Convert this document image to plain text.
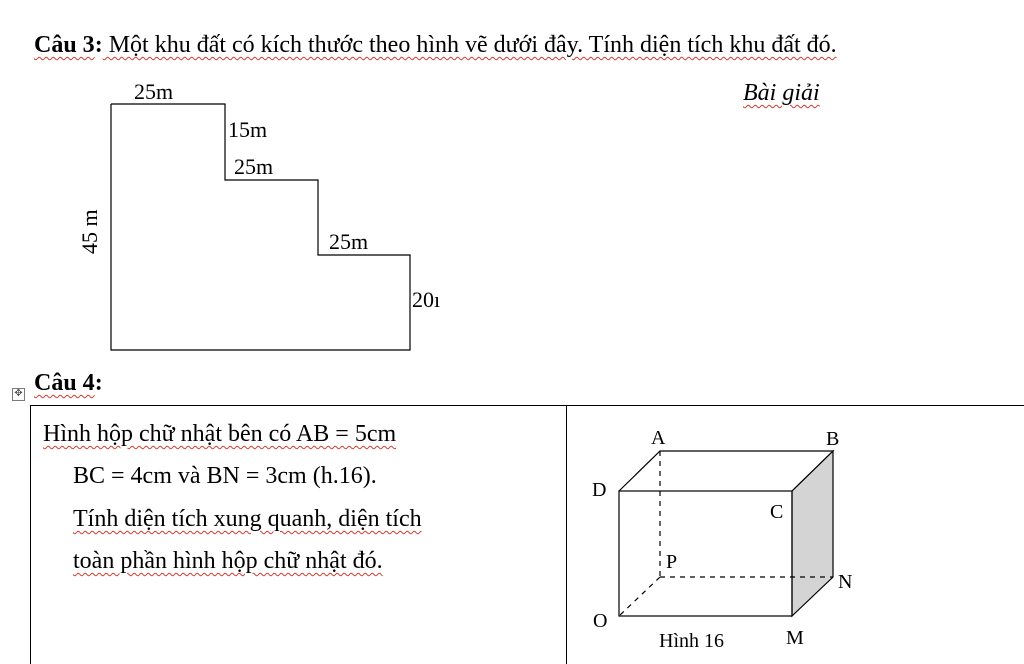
Câu 3: Một khu đất có kích thước theo hình vẽ dưới đây. Tính diện tích khu đất đó.
Bài giải
25m
15m
25m
25m
20ı
45 m
Câu 4:
✥
Hình hộp chữ nhật bên có AB = 5cm
BC = 4cm và BN = 3cm (h.16).
Tính diện tích xung quanh, diện tích
toàn phần hình hộp chữ nhật đó.
A	B
D
C
P
N
O
M
Hình 16
